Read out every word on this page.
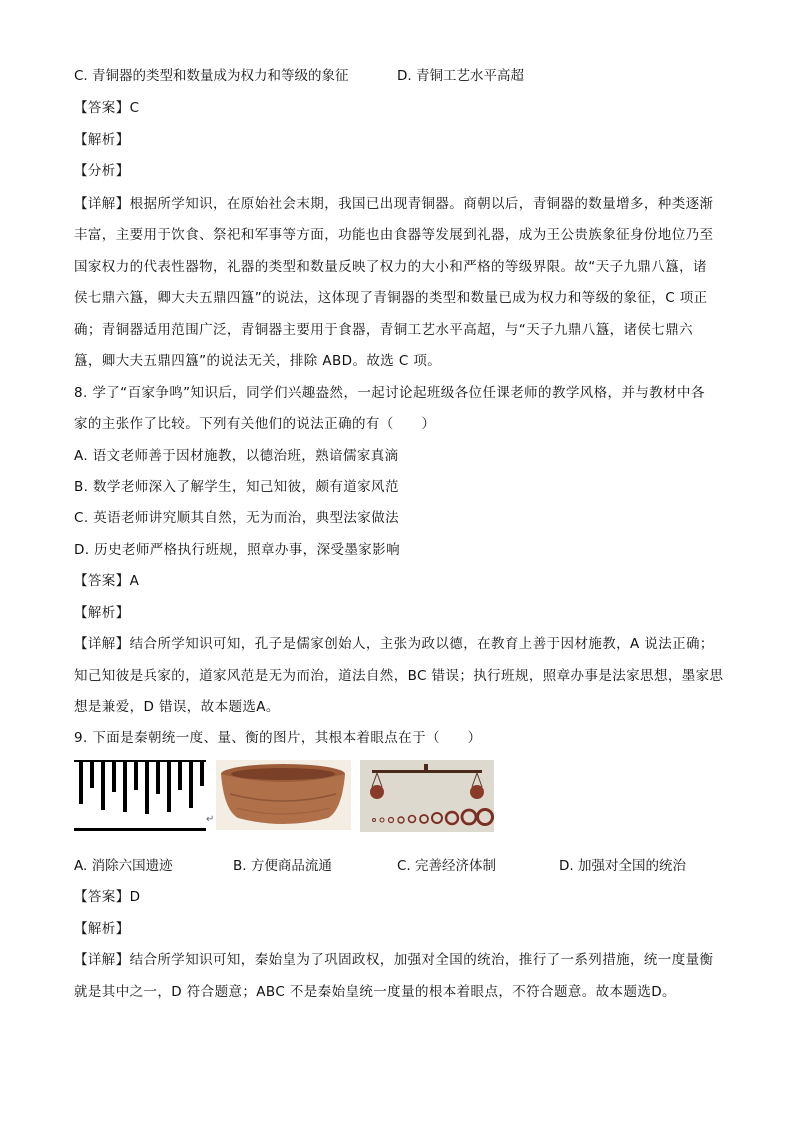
C. 青铜器的类型和数量成为权力和等级的象征	D. 青铜工艺水平高超
【答案】C
【解析】
【分析】
【详解】根据所学知识，在原始社会末期，我国已出现青铜器。商朝以后，青铜器的数量增多，种类逐渐
丰富，主要用于饮食、祭祀和军事等方面，功能也由食器等发展到礼器，成为王公贵族象征身份地位乃至
国家权力的代表性器物，礼器的类型和数量反映了权力的大小和严格的等级界限。故“天子九鼎八簋，诸
侯七鼎六簋，卿大夫五鼎四簋”的说法，这体现了青铜器的类型和数量已成为权力和等级的象征，C 项正
确；青铜器适用范围广泛，青铜器主要用于食器，青铜工艺水平高超，与“天子九鼎八簋，诸侯七鼎六
簋，卿大夫五鼎四簋”的说法无关，排除 ABD。故选 C 项。
8. 学了“百家争鸣”知识后，同学们兴趣盎然，一起讨论起班级各位任课老师的教学风格，并与教材中各
家的主张作了比较。下列有关他们的说法正确的有（　　）
A. 语文老师善于因材施教，以德治班，熟谙儒家真滴
B. 数学老师深入了解学生，知己知彼，颇有道家风范
C. 英语老师讲究顺其自然，无为而治，典型法家做法
D. 历史老师严格执行班规，照章办事，深受墨家影响
【答案】A
【解析】
【详解】结合所学知识可知，孔子是儒家创始人，主张为政以德，在教育上善于因材施教，A 说法正确；
知己知彼是兵家的，道家风范是无为而治，道法自然，BC 错误；执行班规，照章办事是法家思想，墨家思
想是兼爱，D 错误，故本题选A。
9. 下面是秦朝统一度、量、衡的图片，其根本着眼点在于（　　）
↵
A. 消除六国遗迹	B. 方便商品流通	C. 完善经济体制	D. 加强对全国的统治
【答案】D
【解析】
【详解】结合所学知识可知，秦始皇为了巩固政权，加强对全国的统治，推行了一系列措施，统一度量衡
就是其中之一，D 符合题意；ABC 不是秦始皇统一度量的根本着眼点，不符合题意。故本题选D。
